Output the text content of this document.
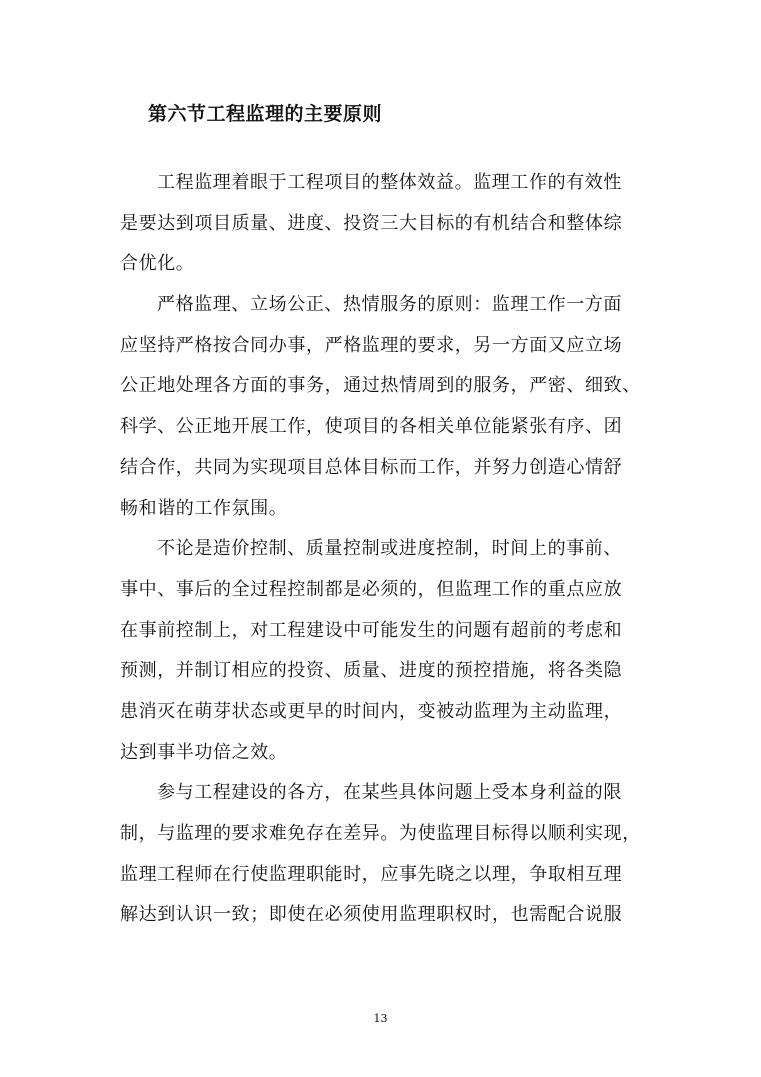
第六节工程监理的主要原则
工程监理着眼于工程项目的整体效益。监理工作的有效性
是要达到项目质量、进度、投资三大目标的有机结合和整体综
合优化。
严格监理、立场公正、热情服务的原则：监理工作一方面
应坚持严格按合同办事，严格监理的要求，另一方面又应立场
公正地处理各方面的事务，通过热情周到的服务，严密、细致、
科学、公正地开展工作，使项目的各相关单位能紧张有序、团
结合作，共同为实现项目总体目标而工作，并努力创造心情舒
畅和谐的工作氛围。
不论是造价控制、质量控制或进度控制，时间上的事前、
事中、事后的全过程控制都是必须的，但监理工作的重点应放
在事前控制上，对工程建设中可能发生的问题有超前的考虑和
预测，并制订相应的投资、质量、进度的预控措施，将各类隐
患消灭在萌芽状态或更早的时间内，变被动监理为主动监理，
达到事半功倍之效。
参与工程建设的各方，在某些具体问题上受本身利益的限
制，与监理的要求难免存在差异。为使监理目标得以顺利实现，
监理工程师在行使监理职能时，应事先晓之以理，争取相互理
解达到认识一致；即使在必须使用监理职权时，也需配合说服
13
